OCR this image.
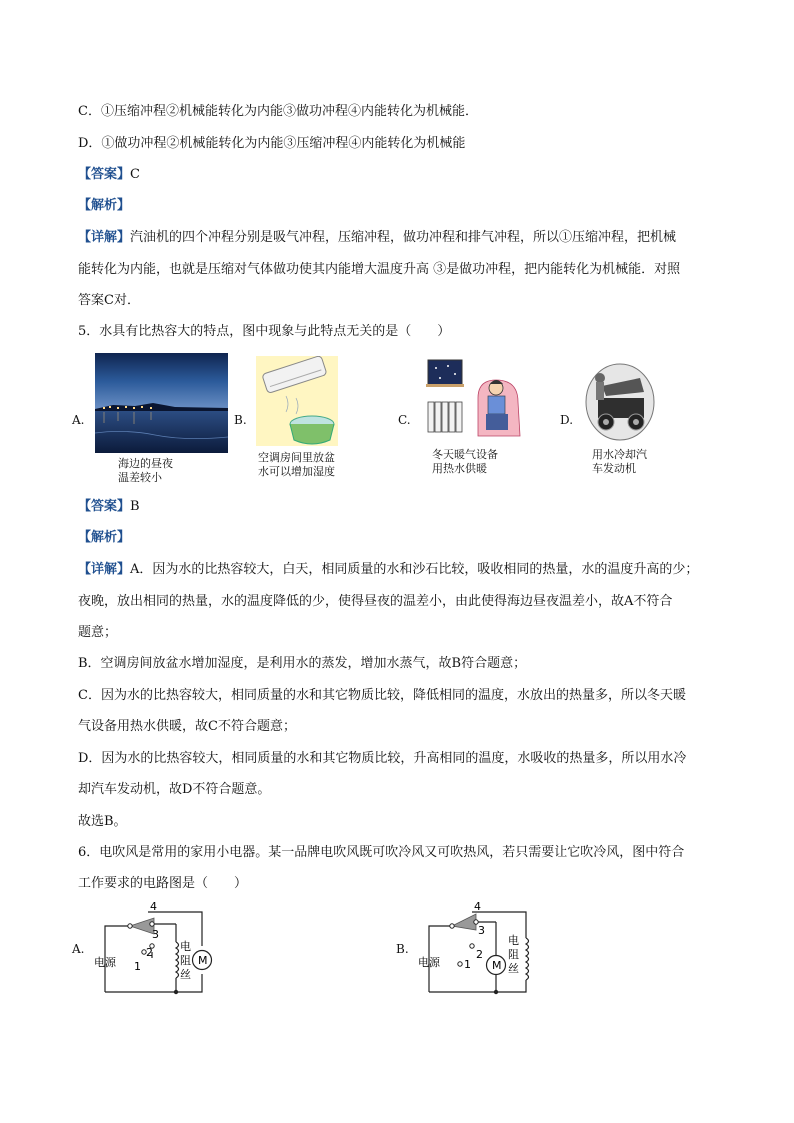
C．①压缩冲程②机械能转化为内能③做功冲程④内能转化为机械能．
D．①做功冲程②机械能转化为内能③压缩冲程④内能转化为机械能
【答案】C
【解析】
【详解】汽油机的四个冲程分别是吸气冲程，压缩冲程，做功冲程和排气冲程，所以①压缩冲程，把机械
能转化为内能，也就是压缩对气体做功使其内能增大温度升高 ③是做功冲程，把内能转化为机械能．对照
答案C对．
5．水具有比热容大的特点，图中现象与此特点无关的是（　　）
A.
海边的昼夜
温差较小
B.
空调房间里放盆
水可以增加湿度
C.
冬天暖气设备
用热水供暖
D.
用水冷却汽
车发动机
【答案】B
【解析】
【详解】A．因为水的比热容较大，白天，相同质量的水和沙石比较，吸收相同的热量，水的温度升高的少；
夜晚，放出相同的热量，水的温度降低的少，使得昼夜的温差小，由此使得海边昼夜温差小，故A不符合
题意；
B．空调房间放盆水增加湿度，是利用水的蒸发，增加水蒸气，故B符合题意；
C．因为水的比热容较大，相同质量的水和其它物质比较，降低相同的温度，水放出的热量多，所以冬天暖
气设备用热水供暖，故C不符合题意；
D．因为水的比热容较大，相同质量的水和其它物质比较，升高相同的温度，水吸收的热量多，所以用水冷
却汽车发动机，故D不符合题意。
故选B。
6．电吹风是常用的家用小电器。某一品牌电吹风既可吹冷风又可吹热风，若只需要让它吹冷风，图中符合
工作要求的电路图是（　　）
A.
M
4
3
2
1
电源
电
阻
丝
B.
M
4
3
2
1
电源
电
阻
丝
